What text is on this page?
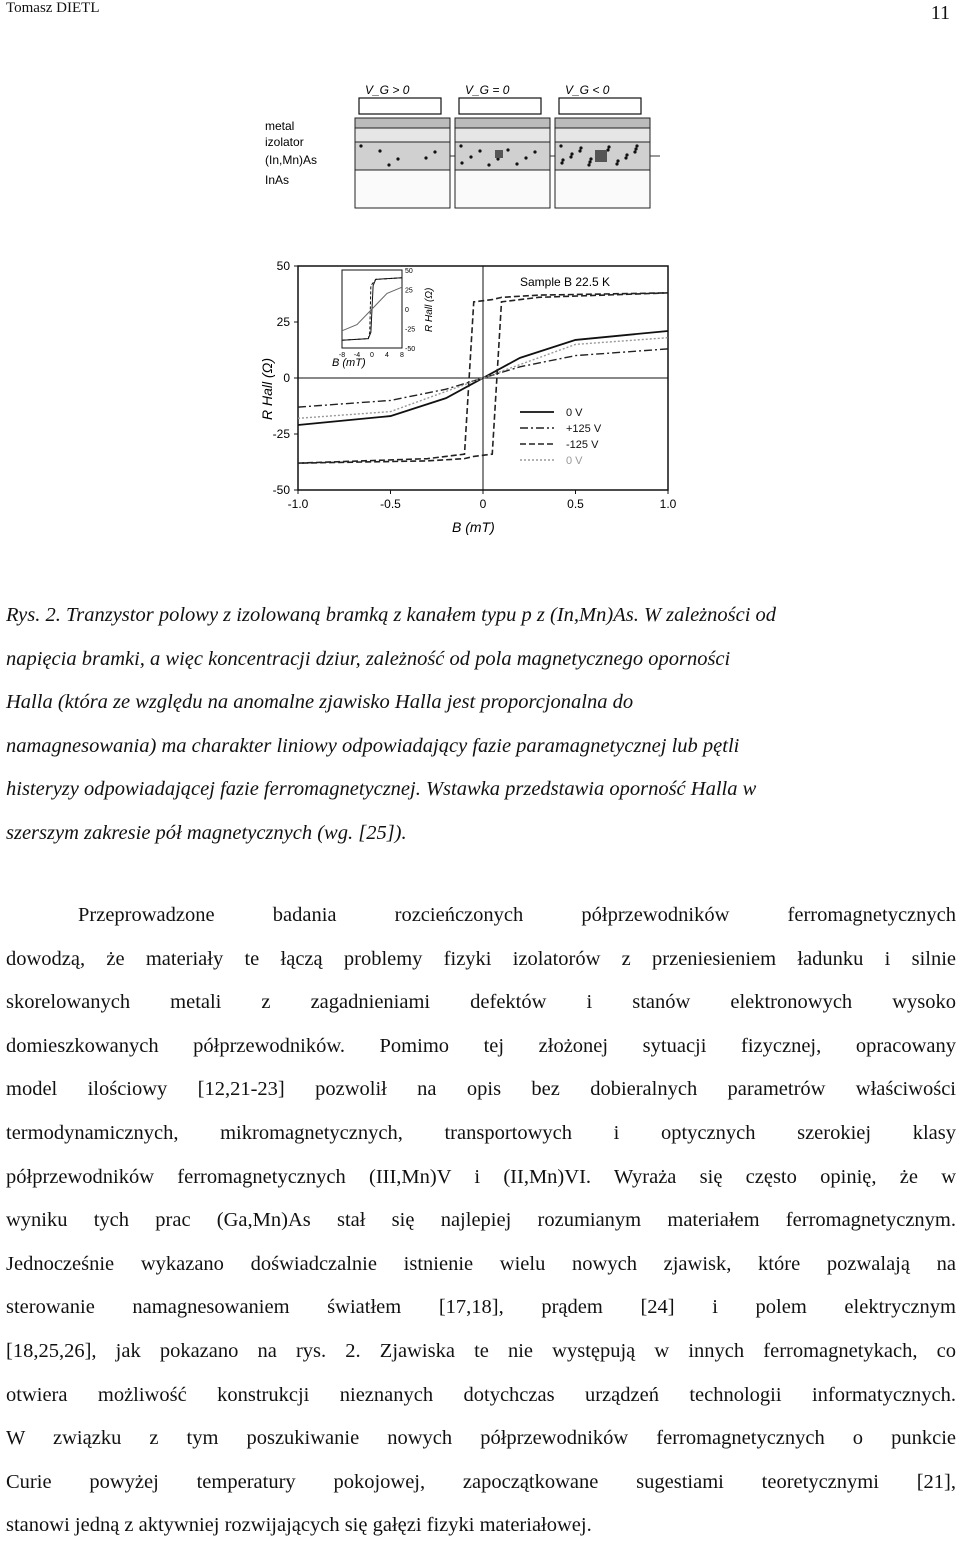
Tomasz DIETL	11
metal
izolator
(In,Mn)As
InAs
V_G > 0	V_G = 0	V_G < 0
-1.0	-0.5	0	0.5	1.0
50
25
0
-25
-50
0 V
+125 V
-125 V
0 V
-8 -4 0 4 8
50
25
0
-25
-50
Sample B 22.5 K
B (mT)
R Hall (Ω)	B (mT)
R Hall (Ω)
Rys. 2. Tranzystor polowy z izolowaną bramką z kanałem typu p z (In,Mn)As. W zależności od
napięcia bramki, a więc koncentracji dziur, zależność od pola magnetycznego oporności
Halla (która ze względu na anomalne zjawisko Halla jest proporcjonalna do
namagnesowania) ma charakter liniowy odpowiadający fazie paramagnetycznej lub pętli
histeryzy odpowiadającej fazie ferromagnetycznej. Wstawka przedstawia oporność Halla w
szerszym zakresie pół magnetycznych (wg. [25]).
Przeprowadzone badania rozcieńczonych półprzewodników ferromagnetycznych
dowodzą, że materiały te łączą problemy fizyki izolatorów z przeniesieniem ładunku i silnie
skorelowanych metali z zagadnieniami defektów i stanów elektronowych wysoko
domieszkowanych półprzewodników. Pomimo tej złożonej sytuacji fizycznej, opracowany
model ilościowy [12,21-23] pozwolił na opis bez dobieralnych parametrów właściwości
termodynamicznych, mikromagnetycznych, transportowych i optycznych szerokiej klasy
półprzewodników ferromagnetycznych (III,Mn)V i (II,Mn)VI. Wyraża się często opinię, że w
wyniku tych prac (Ga,Mn)As stał się najlepiej rozumianym materiałem ferromagnetycznym.
Jednocześnie wykazano doświadczalnie istnienie wielu nowych zjawisk, które pozwalają na
sterowanie namagnesowaniem światłem [17,18], prądem [24] i polem elektrycznym
[18,25,26], jak pokazano na rys. 2. Zjawiska te nie występują w innych ferromagnetykach, co
otwiera możliwość konstrukcji nieznanych dotychczas urządzeń technologii informatycznych.
W związku z tym poszukiwanie nowych półprzewodników ferromagnetycznych o punkcie
Curie powyżej temperatury pokojowej, zapoczątkowane sugestiami teoretycznymi [21],
stanowi jedną z aktywniej rozwijających się gałęzi fizyki materiałowej.
